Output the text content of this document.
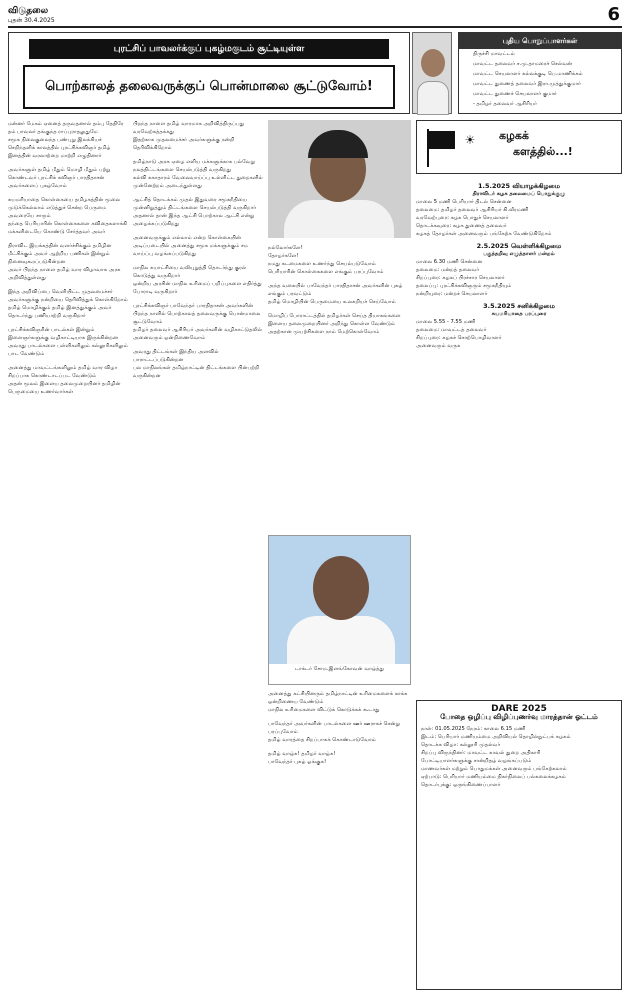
விடுதலை
புதன் 30.4.2025	6
புரட்சிப் பாவலர்க்குப் புகழ்மகுடம் சூட்டியுள்ள
பொற்காலத் தலைவருக்குப் பொன்மாலை சூட்டுவோம்!
புதிய பொறுப்பாளர்கள்
திருச்சி மாவட்டம்
மாவட்ட தலைவர் ச.மு.தாமரைச் செல்வன்
மாவட்ட செயலாளர் கல்லக்குடி பெ.மாணிக்கம்
மாவட்ட துணைத் தலைவர் இரா.முத்துக்குமார்
மாவட்ட துணைச் செயலாளர் குமார்
- தமிழர் தலைவர் ஆசிரியர்

மன்னர் மேகம் ஏனைத் தருவதனால் தம்பு தேதிரே தம் பாவலர் தங்குந்த ராப்புராதலுதுமே
சமூக நிலைகுலைந்த பண்புறு இலக்கியச் செறிந்தளிக் காலத்தில் புரட்சிக்கவிஞர் தமிழ் இனத்தின் வரலாற்றை மாற்றி எழுதினார்

அவர்களுள் தமிழ் மீதும் மொழி மீதும் பற்று கொண்டவர் புரட்சிக் கவிஞர் பாரதிதாசன் அவர்களைப் புகழ்வோம்

சுயமரியாதை கொள்கையை தமிழகத்தின் மூலை முடுக்கெல்லாம் எடுத்துச் சென்ற பெருமை அவரையே சாரும்
தந்தை பெரியாரின் கொள்கைகளை கவிதைகளாக்கி மக்களிடையே கொண்டு சேர்த்தவர் அவர்

திராவிட இயக்கத்தின் வளர்ச்சிக்கும் தமிழின மீட்சிக்கும் அவர் ஆற்றிய பணிகள் இன்றும் நினைவுகூரப்படுகின்றன
அவர் பிறந்த நாளை தமிழ் வார விழாவாக அரசு அறிவித்துள்ளது

இந்த அறிவிப்பை வெளியிட்ட முதலமைச்சர் அவர்களுக்கு நன்றியை தெரிவித்துக் கொள்கிறோம்
தமிழ் மொழிக்கும் தமிழ் இனத்துக்கும் அவர் தொடர்ந்து பணியாற்றி வருகிறார்

புரட்சிக்கவிஞரின் பாடல்கள் இன்றும் இளைஞர்களுக்கு வழிகாட்டியாக இருக்கின்றன
அவரது பாடல்களை பள்ளிகளிலும் கல்லூரிகளிலும் பாட வேண்டும்

அனைத்து மாவட்டங்களிலும் தமிழ் வார விழா சிறப்பாக கொண்டாடப்பட வேண்டும்
அதன் மூலம் இளைய தலைமுறையினர் தமிழின் பெருமையை உணர்வார்கள்

பிறந்த நாளை தமிழ் வாரமாக அறிவித்திருப்பது வரவேற்கத்தக்கது
இதற்காக முதலமைச்சர் அவர்களுக்கு நன்றி தெரிவிக்கிறோம்

தமிழ்நாடு அரசு ஏழை எளிய மக்களுக்காக பல்வேறு நலத்திட்டங்களை செயல்படுத்தி வருகிறது
கல்வி சுகாதாரம் வேலைவாய்ப்பு உள்ளிட்ட துறைகளில் முன்னேற்றம் அடைந்துள்ளது

ஆட்சித் தொடக்கம் முதல் இதுவரை சமூகநீதியை முன்னிறுத்தும் திட்டங்களை செயல்படுத்தி வருகிறார்
அதனால் தான் இந்த ஆட்சி பொற்கால ஆட்சி என்று அழைக்கப்படுகிறது

அனைவருக்கும் எல்லாம் என்ற கொள்கையின் அடிப்படையில் அனைத்து சமூக மக்களுக்கும் சம வாய்ப்பு வழங்கப்படுகிறது

மாநில சுயாட்சியை வலியுறுத்தி தொடர்ந்து குரல் கொடுத்து வருகிறார்
ஒன்றிய அரசின் மாநில உரிமைப் பறிப்புகளை எதிர்த்து போராடி வருகிறார்

புரட்சிக்கவிஞர் பாவேந்தர் பாரதிதாசன் அவர்களின் பிறந்த நாளில் பொற்காலத் தலைவருக்கு பொன்மாலை சூட்டுவோம்
தமிழர் தலைவர் ஆசிரியர் அவர்களின் வழிகாட்டுதலில் அனைவரும் ஒன்றிணைவோம்

அவரது திட்டங்கள் இந்திய அளவில் பாராட்டப்படுகின்றன
பல மாநிலங்கள் தமிழ்நாட்டின் திட்டங்களை பின்பற்றி வருகின்றன

நல்லோர்களே!
தோழர்களே!
நமது கடமைகளை உணர்ந்து செயல்படுவோம்
பெரியாரின் கொள்கைகளை எங்கும் பரப்புவோம்

அந்த வகையில் பாவேந்தர் பாரதிதாசன் அவர்களின் புகழ் எங்கும் பரவட்டும்
தமிழ் மொழியின் பெருமையை உலகறியச் செய்வோம்

மொழிப் போராட்டத்தில் தமிழர்கள் செய்த தியாகங்களை இளைய தலைமுறையினர் அறிந்து கொள்ள வேண்டும்
அதற்கான முயற்சிகளை நாம் மேற்கொள்வோம்

டாக்டர் சோம.இளங்கோவன் வாழ்த்து

அனைத்து கட்சியினரும் தமிழ்நாட்டின் உரிமைகளைக் காக்க ஒன்றிணைய வேண்டும்
மாநில உரிமைகளை விட்டுக் கொடுக்கக் கூடாது

பாவேந்தர் அவர்களின் பாடல்களை ஊர் ஊராகச் சென்று பரப்புவோம்
தமிழ் வாரத்தை சிறப்பாகக் கொண்டாடுவோம்

தமிழ் வாழ்க! தமிழர் வாழ்க!
பாவேந்தர் புகழ் ஓங்குக!

☀	கழகக்
களத்தில்...!
1.5.2025 வியாழக்கிழமை
திராவிடர் கழக தலைமைப் பொதுக்குழு
மாலை 5 மணி பெரியார் திடல் சென்னை
தலைமை: தமிழர் தலைவர் ஆசிரியர் கி.வீரமணி
வரவேற்புரை: கழக பொதுச் செயலாளர்
தொடக்கவுரை: கழக துணைத் தலைவர்
கழகத் தோழர்கள் அனைவரும் பங்கேற்க வேண்டுகிறோம்
2.5.2025 வெள்ளிக்கிழமை
பகுத்தறிவு எழுத்தாளர் மன்றம்
மாலை 6.30 மணி சென்னை
தலைமை: மன்றத் தலைவர்
சிறப்புரை: கழகப் பிரச்சார செயலாளர்
தலைப்பு: புரட்சிக்கவிஞரும் சமூகநீதியும்
நன்றியுரை: மன்றச் செயலாளர்
3.5.2025 சனிக்கிழமை
சுயமரியாதை பரப்புரை
மாலை 5.55 - 7.55 மணி
தலைமை: மாவட்டத் தலைவர்
சிறப்புரை: கழகச் சொற்பொழிவாளர்
அனைவரும் வருக
DARE 2025
போதை ஒழிப்பு விழிப்புணர்வு மாரத்தான் ஓட்டம்
நாள்: 01.05.2025 நேரம்: காலை 6.15 மணி
இடம்: பெரியார் மணியம்மை அறிவியல் தொழில்நுட்பக் கழகம்
தொடக்க விழா: கல்லூரி முதல்வர்
சிறப்பு விருந்தினர்: மாவட்ட காவல் துறை அதிகாரி
போட்டியாளர்களுக்கு சான்றிதழ் வழங்கப்படும்
மாணவர்கள் மற்றும் பொதுமக்கள் அனைவரும் பங்கேற்கலாம்
ஏற்பாடு: பெரியார் மணியம்மை நிகர்நிலைப் பல்கலைக்கழகம்
தொடர்புக்கு: ஒருங்கிணைப்பாளர்
